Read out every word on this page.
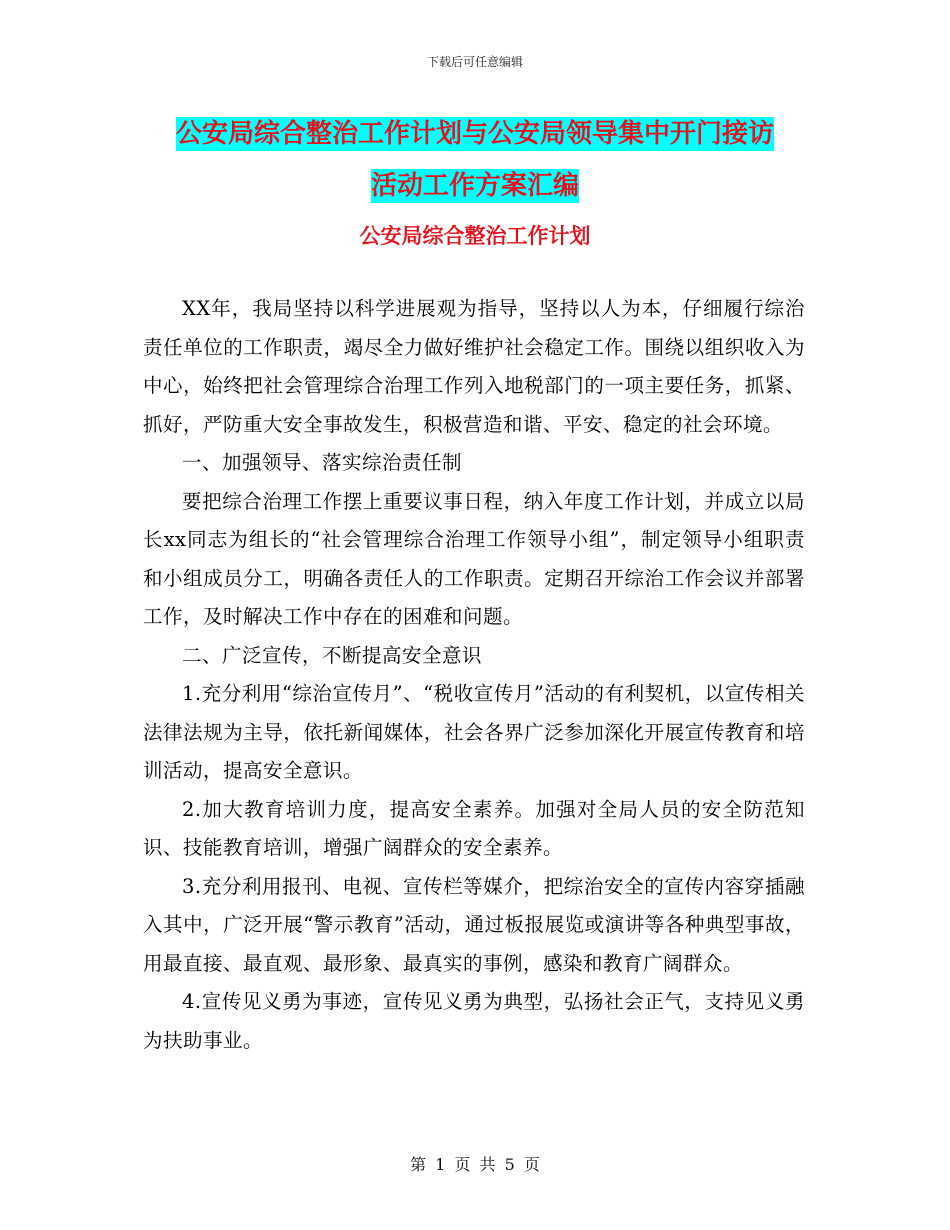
下载后可任意编辑
公安局综合整治工作计划与公安局领导集中开门接访
活动工作方案汇编
公安局综合整治工作计划

XX年，我局坚持以科学进展观为指导，坚持以人为本，仔细履行综治责任单位的工作职责，竭尽全力做好维护社会稳定工作。围绕以组织收入为中心，始终把社会管理综合治理工作列入地税部门的一项主要任务，抓紧、抓好，严防重大安全事故发生，积极营造和谐、平安、稳定的社会环境。

一、加强领导、落实综治责任制

要把综合治理工作摆上重要议事日程，纳入年度工作计划，并成立以局长xx同志为组长的“社会管理综合治理工作领导小组”，制定领导小组职责和小组成员分工，明确各责任人的工作职责。定期召开综治工作会议并部署工作，及时解决工作中存在的困难和问题。

二、广泛宣传，不断提高安全意识

1.充分利用“综治宣传月”、“税收宣传月”活动的有利契机，以宣传相关法律法规为主导，依托新闻媒体，社会各界广泛参加深化开展宣传教育和培训活动，提高安全意识。

2.加大教育培训力度，提高安全素养。加强对全局人员的安全防范知识、技能教育培训，增强广阔群众的安全素养。

3.充分利用报刊、电视、宣传栏等媒介，把综治安全的宣传内容穿插融入其中，广泛开展“警示教育”活动，通过板报展览或演讲等各种典型事故，用最直接、最直观、最形象、最真实的事例，感染和教育广阔群众。

4.宣传见义勇为事迹，宣传见义勇为典型，弘扬社会正气，支持见义勇为扶助事业。

第 1 页 共 5 页
